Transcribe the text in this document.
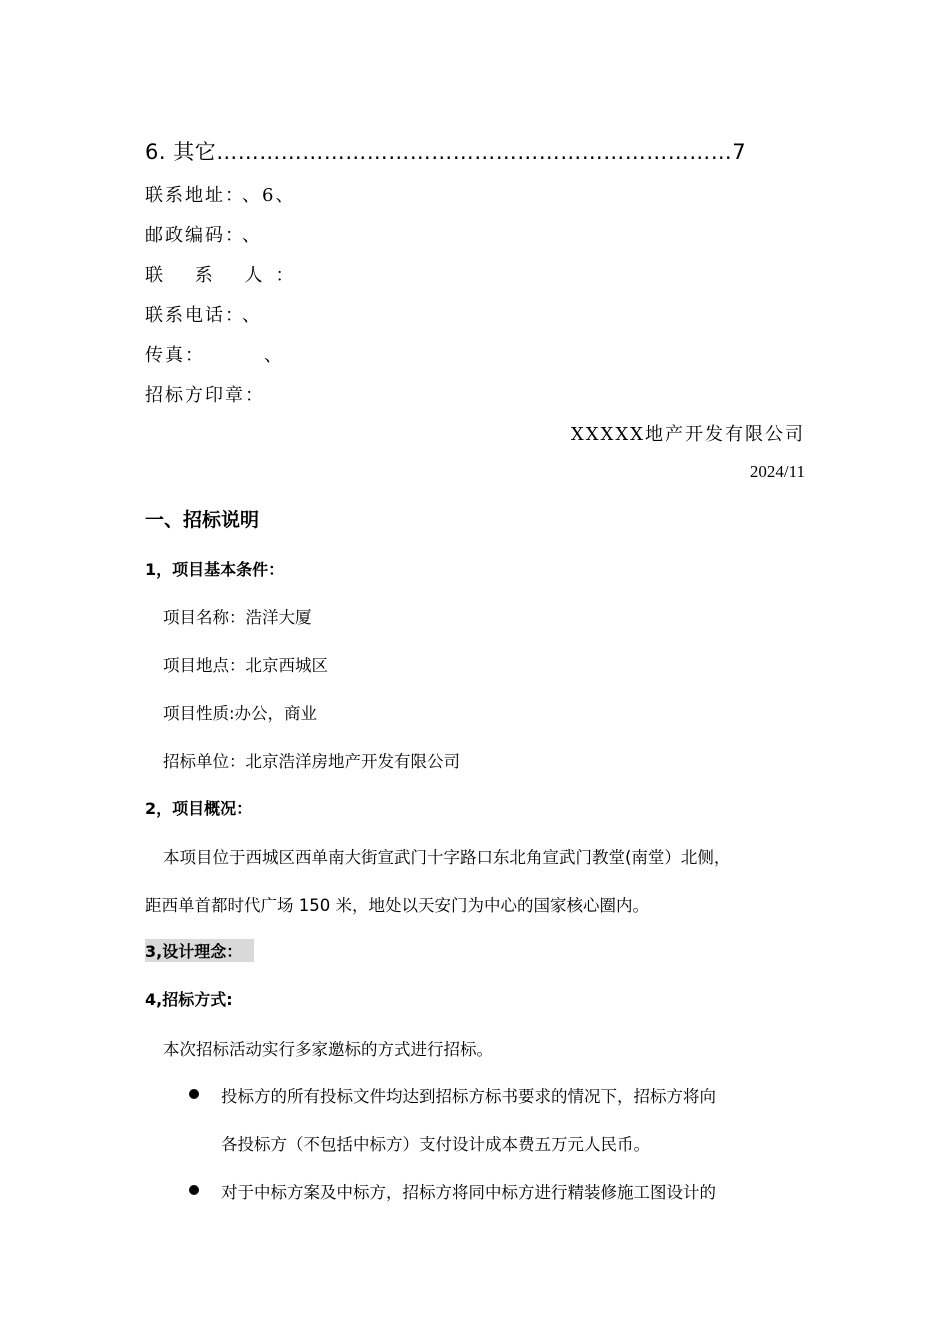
6. 其它………………………………………………………………7
联系地址： 、6、
邮政编码： 、
联 系 人：
联系电话： 、
传真：	、
招标方印章：
XXXXX地产开发有限公司
2024/11
一、招标说明
1，项目基本条件：
项目名称：浩洋大厦
项目地点：北京西城区
项目性质:办公，商业
招标单位：北京浩洋房地产开发有限公司
2，项目概况：
本项目位于西城区西单南大街宣武门十字路口东北角宣武门教堂(南堂）北侧，
距西单首都时代广场 150 米，地处以天安门为中心的国家核心圈内。
3,设计理念：
4,招标方式:
本次招标活动实行多家邀标的方式进行招标。
投标方的所有投标文件均达到招标方标书要求的情况下，招标方将向
各投标方（不包括中标方）支付设计成本费五万元人民币。
对于中标方案及中标方，招标方将同中标方进行精装修施工图设计的
